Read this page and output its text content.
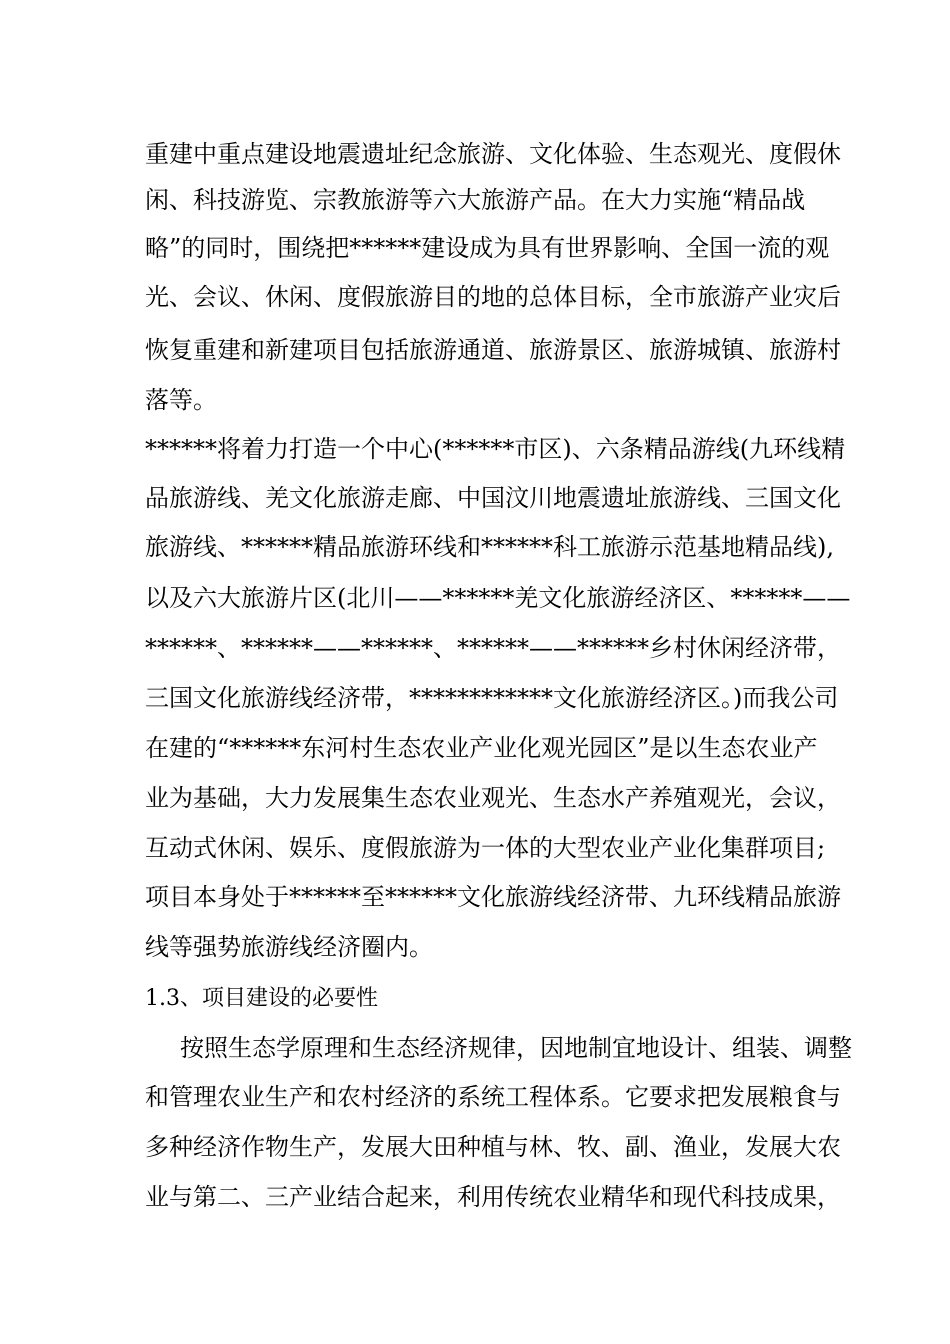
重建中重点建设地震遗址纪念旅游、文化体验、生态观光、度假休

闲、科技游览、宗教旅游等六大旅游产品。在大力实施“精品战

略”的同时，围绕把******建设成为具有世界影响、全国一流的观

光、会议、休闲、度假旅游目的地的总体目标，全市旅游产业灾后

恢复重建和新建项目包括旅游通道、旅游景区、旅游城镇、旅游村

落等。

******将着力打造一个中心(******市区)、六条精品游线(九环线精

品旅游线、羌文化旅游走廊、中国汶川地震遗址旅游线、三国文化

旅游线、******精品旅游环线和******科工旅游示范基地精品线),

以及六大旅游片区(北川——******羌文化旅游经济区、******——

******、******——******、******——******乡村休闲经济带，

三国文化旅游线经济带，************文化旅游经济区。)而我公司

在建的“******东河村生态农业产业化观光园区”是以生态农业产

业为基础，大力发展集生态农业观光、生态水产养殖观光，会议，

互动式休闲、娱乐、度假旅游为一体的大型农业产业化集群项目;

项目本身处于******至******文化旅游线经济带、九环线精品旅游

线等强势旅游线经济圈内。

1.3、项目建设的必要性

按照生态学原理和生态经济规律，因地制宜地设计、组装、调整

和管理农业生产和农村经济的系统工程体系。它要求把发展粮食与

多种经济作物生产，发展大田种植与林、牧、副、渔业，发展大农

业与第二、三产业结合起来，利用传统农业精华和现代科技成果，
